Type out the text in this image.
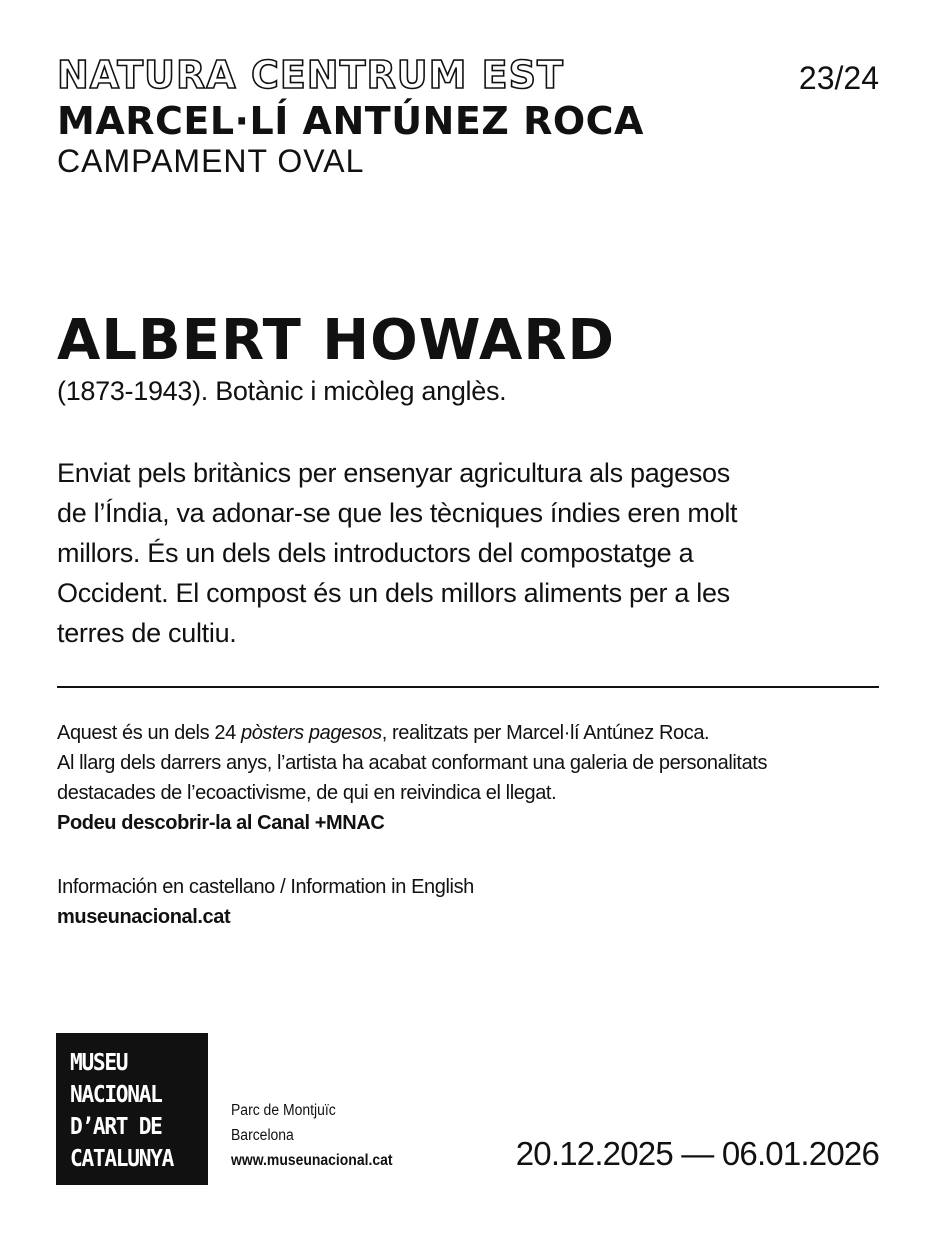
NATURA CENTRUM EST	23/24
MARCEL·LÍ ANTÚNEZ ROCA
CAMPAMENT OVAL
ALBERT HOWARD
(1873-1943). Botànic i micòleg anglès.
Enviat pels britànics per ensenyar agricultura als pagesos
de l’Índia, va adonar-se que les tècniques índies eren molt
millors. És un dels dels introductors del compostatge a
Occident. El compost és un dels millors aliments per a les
terres de cultiu.
Aquest és un dels 24 pòsters pagesos, realitzats per Marcel·lí Antúnez Roca.
Al llarg dels darrers anys, l’artista ha acabat conformant una galeria de personalitats
destacades de l’ecoactivisme, de qui en reivindica el llegat.
Podeu descobrir-la al Canal +MNAC
Información en castellano / Information in English
museunacional.cat
MUSEU
NACIONAL
D’ART DE
CATALUNYA
Parc de Montjuïc
Barcelona
www.museunacional.cat	20.12.2025 — 06.01.2026
